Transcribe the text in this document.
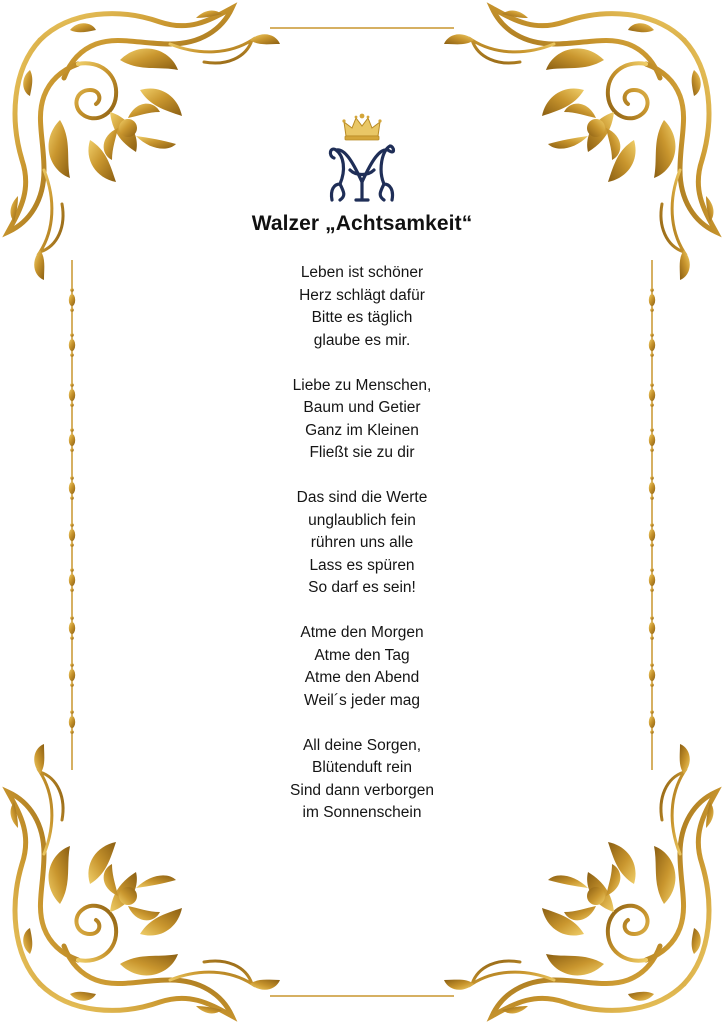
Walzer „Achtsamkeit“
Leben ist schöner
Herz schlägt dafür
Bitte es täglich
glaube es mir.
Liebe zu Menschen,
Baum und Getier
Ganz im Kleinen
Fließt sie zu dir
Das sind die Werte
unglaublich fein
rühren uns alle
Lass es spüren
So darf es sein!
Atme den Morgen
Atme den Tag
Atme den Abend
Weil´s jeder mag
All deine Sorgen,
Blütenduft rein
Sind dann verborgen
im Sonnenschein
